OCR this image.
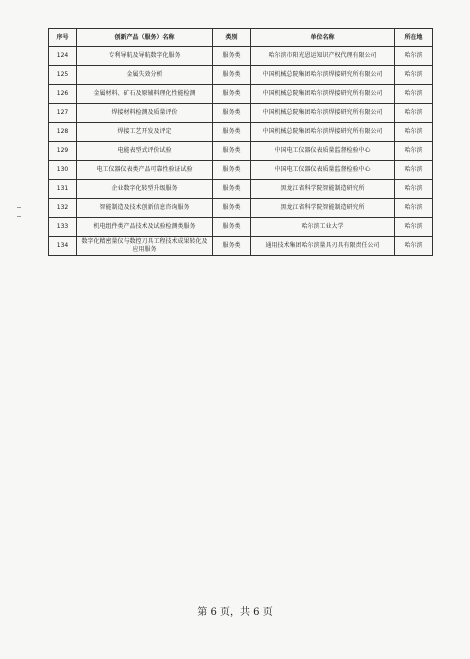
序号	创新产品（服务）名称	类别	单位名称	所在地
124	专利导航及导航数字化服务	服务类	哈尔滨市阳光恩运知识产权代理有限公司	哈尔滨
125	金属失效分析	服务类	中国机械总院集团哈尔滨焊接研究所有限公司	哈尔滨
126	金属材料、矿石及原辅料理化性能检测	服务类	中国机械总院集团哈尔滨焊接研究所有限公司	哈尔滨
127	焊接材料检测及质量评价	服务类	中国机械总院集团哈尔滨焊接研究所有限公司	哈尔滨
128	焊接工艺开发及评定	服务类	中国机械总院集团哈尔滨焊接研究所有限公司	哈尔滨
129	电能表型式评价试验	服务类	中国电工仪器仪表质量监督检验中心	哈尔滨
130	电工仪器仪表类产品可靠性验证试验	服务类	中国电工仪器仪表质量监督检验中心	哈尔滨
131	企业数字化转型升级服务	服务类	黑龙江省科学院智能制造研究所	哈尔滨
132	智能制造及技术创新信息咨询服务	服务类	黑龙江省科学院智能制造研究所	哈尔滨
133	机电组件类产品技术及试验检测类服务	服务类	哈尔滨工业大学	哈尔滨
134	数字化精密量仪与数控刀具工程技术成果转化及应用服务	服务类	通用技术集团哈尔滨量具刃具有限责任公司	哈尔滨
第 6 页，共 6 页
